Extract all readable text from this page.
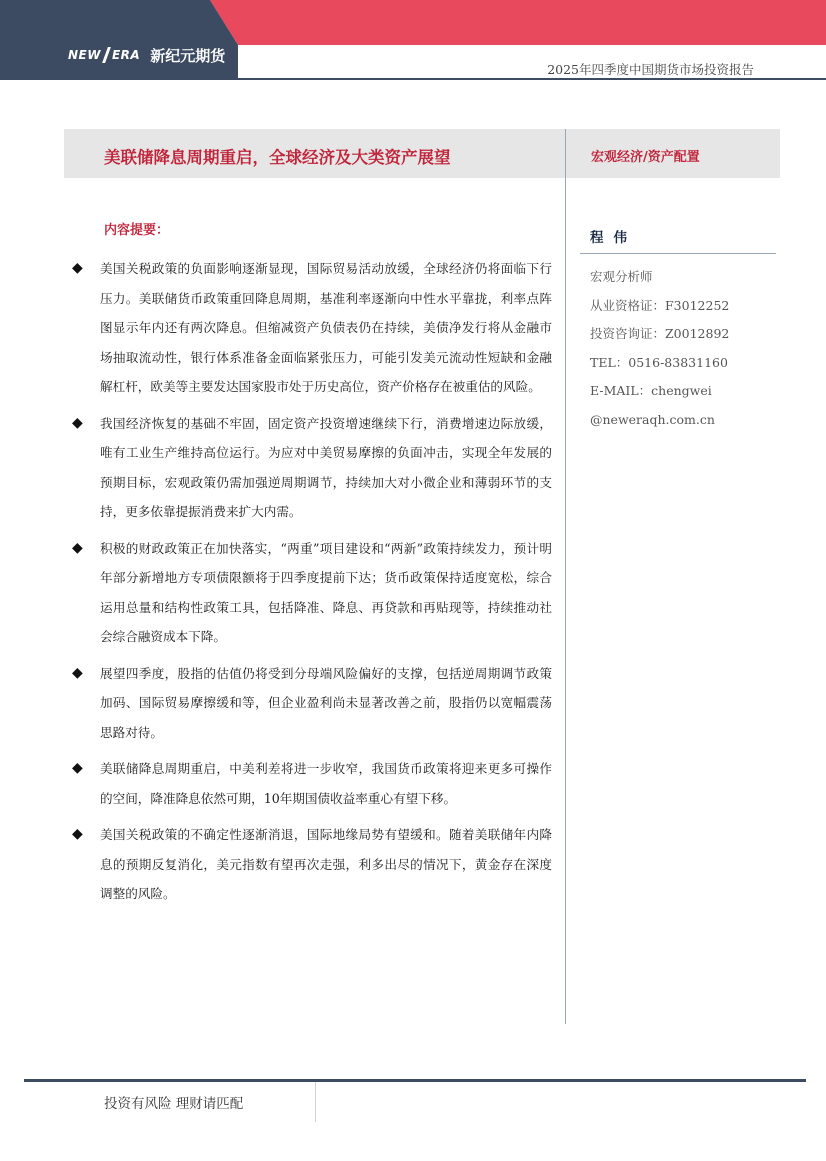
NEW ERA 新纪元期货
2025年四季度中国期货市场投资报告
美联储降息周期重启，全球经济及大类资产展望	宏观经济/资产配置
内容提要：
◆ 美国关税政策的负面影响逐渐显现，国际贸易活动放缓，全球经济仍将面临下行压力。美联储货币政策重回降息周期，基准利率逐渐向中性水平靠拢，利率点阵图显示年内还有两次降息。但缩减资产负债表仍在持续，美债净发行将从金融市场抽取流动性，银行体系准备金面临紧张压力，可能引发美元流动性短缺和金融解杠杆，欧美等主要发达国家股市处于历史高位，资产价格存在被重估的风险。
◆ 我国经济恢复的基础不牢固，固定资产投资增速继续下行，消费增速边际放缓，唯有工业生产维持高位运行。为应对中美贸易摩擦的负面冲击，实现全年发展的预期目标，宏观政策仍需加强逆周期调节，持续加大对小微企业和薄弱环节的支持，更多依靠提振消费来扩大内需。
◆ 积极的财政政策正在加快落实，“两重”项目建设和“两新”政策持续发力，预计明年部分新增地方专项债限额将于四季度提前下达；货币政策保持适度宽松，综合运用总量和结构性政策工具，包括降准、降息、再贷款和再贴现等，持续推动社会综合融资成本下降。
◆ 展望四季度，股指的估值仍将受到分母端风险偏好的支撑，包括逆周期调节政策加码、国际贸易摩擦缓和等，但企业盈利尚未显著改善之前，股指仍以宽幅震荡思路对待。
◆ 美联储降息周期重启，中美利差将进一步收窄，我国货币政策将迎来更多可操作的空间，降准降息依然可期，10年期国债收益率重心有望下移。
◆ 美国关税政策的不确定性逐渐消退，国际地缘局势有望缓和。随着美联储年内降息的预期反复消化，美元指数有望再次走强，利多出尽的情况下，黄金存在深度调整的风险。
程伟
宏观分析师
从业资格证：F3012252
投资咨询证：Z0012892
TEL：0516-83831160
E-MAIL：chengwei
@neweraqh.com.cn
投资有风险 理财请匹配
